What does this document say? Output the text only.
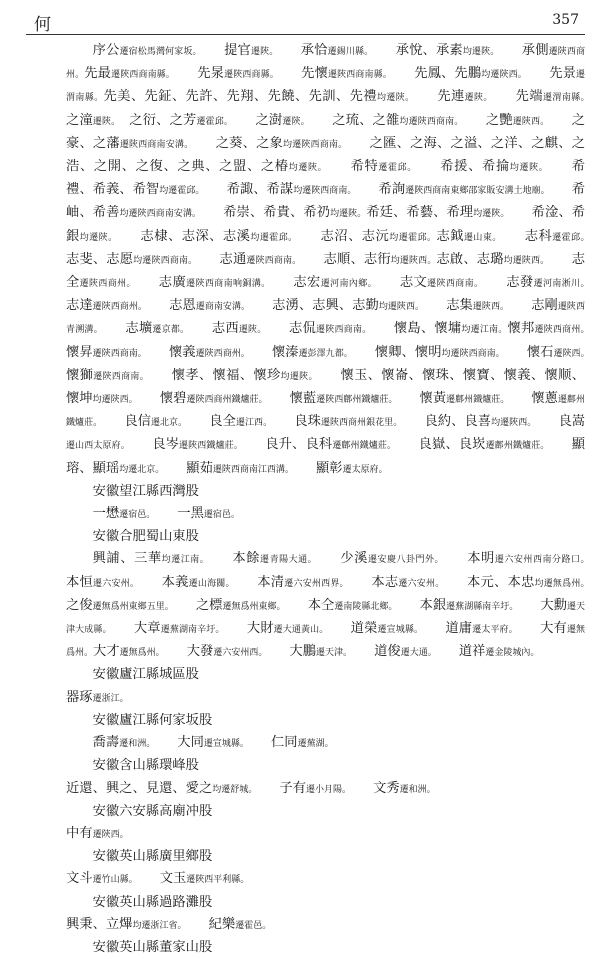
何	357

序公遷宿松馬灣何家坂。　　 提官遷陝。　　 承恰遷錫川縣。　　 承悅、承素均遷陝。　　 承側遷陝西商州。先最遷陝西商南縣。　　 先㫤遷陝西商縣。　　 先懷遷陝西商南縣。　　 先鳳、先鵬均遷陝西。　　 先景遷渭南縣。先美、先鉦、先許、先翔、先饒、先訓、先禮均遷陝。　　 先連遷陝。　　 先端遷渭南縣。　之潼遷陝。　 之衍、之芳遷霍邱。　　 之澍遷陝。　　 之琉、之雒均遷陝西商南。　　 之艷遷陝西。　　 之豪、之藩遷陝西商南安溝。　　 之葵、之象均遷陝西商南。　　 之匯、之海、之溢、之洋、之麒、之浩、之開、之復、之典、之盟、之椿均遷陝。　　 希特遷霍邱。　　 希援、希掄均遷陝。　　 希禮、希義、希智均遷霍邱。　　 希諏、希謀均遷陝西商南。　　 希詢遷陝西商南東鄉邵家販安溝土地廟。　　 希岫、希善均遷陝西商南安溝。　　 希崇、希貴、希礽均遷陝。希廷、希藝、希理均遷陝。　　 希淦、希銀均遷陝。　　 志棣、志深、志溪均遷霍邱。　　 志沼、志沅均遷霍邱。志鉞遷山東。　　 志科遷霍邱。　　志斐、志愿均遷陝西商南。　　 志通遷陝西商南。　　 志順、志衎均遷陝西。志啟、志璐均遷陝西。　　 志全遷陝西商州。　　 志廣遷陝西商南响銅溝。　　 志宏遷河南內鄉。　　 志文遷陝西商南。　　 志發遷河南淅川。　　志達遷陝西商州。　　 志恩遷商南安溝。　　 志湧、志興、志勤均遷陝西。　　 志集遷陝西。　　 志剛遷陝西青溯溝。　　 志壙遷京都。　　 志西遷陝。　　 志侃遷陝西商南。　　 懷島、懷墉均遷江南。懷邦遷陝西商州。　　懷昇遷陝西商南。　　 懷義遷陝西商州。　　 懷溱遷彭澤九都。　　 懷卿、懷明均遷陝西商南。　　 懷石遷陝西。　　懷獅遷陝西商南。　　 懷孝、懷福、懷珍均遷陝。　　 懷玉、懷崙、懷珠、懷寶、懷義、懷顺、懷坤均遷陝西。　　 懷碧遷陝西商州鐵爐莊。　　 懷藍遷陝西鄜州鐵爐莊。　　 懷黃遷鄜州鐵爐莊。　　 懷蔥遷鄜州鐵爐莊。　　 良信遷北京。　　 良全遷江西。　　 良珠遷陝西商州銀花里。　　 良約、良喜均遷陝西。　　 良嵩遷山西太原府。　　 良岑遷陝西鐵爐莊。　　 良升、良科遷鄜州鐵爐莊。　　 良嶽、良崁遷鄜州鐵爐莊。　　 顯瑢、顯瑶均遷北京。　　 顯茹遷陝西商南江西溝。　　 顯彰遷太原府。

安徽望江縣西灣股

一懋遷宿邑。　　 一黑遷宿邑。

安徽合肥蜀山東股

興誧、三華均遷江南。　　 本餘遷青陽大通。　　 少溪遷安慶八卦門外。　　 本明遷六安州西南分路口。　　本恒遷六安州。　　 本義遷山海關。　　 本清遷六安州西界。　　 本志遷六安州。　　 本元、本忠均遷無爲州。　　之俊遷無爲州東鄉五里。　　 之標遷無爲州東鄉。　　 本仝遷南陵縣北鄉。　　 本銀遷蕪湖縣南辛圩。　　 大勳遷天津大成縣。　　 大章遷蕪湖南辛圩。　　 大財遷大通黃山。　　 道榮遷宣城縣。　　 道庸遷太平府。　　 大有遷無爲州。大才遷無爲州。　　 大發遷六安州西。　　 大鵬遷天津。　　 道俊遷大通。　　 道祥遷金陵城內。

安徽廬江縣城區股

器琢遷浙江。

安徽廬江縣何家坂股

喬壽遷和洲。　　 大同遷宣城縣。　　 仁同遷蕪湖。

安徽含山縣環峰股

近還、興之、見還、愛之均遷舒城。　　 子有遷小月陽。　　 文秀遷和洲。

安徽六安縣高廟冲股

中有遷陝西。

安徽英山縣廣里鄉股

文斗遷竹山縣。　　 文玉遷陝西平利縣。

安徽英山縣過路灘股

興秉、立熚均遷浙江省。　　 紀樂遷霍邑。

安徽英山縣董家山股
